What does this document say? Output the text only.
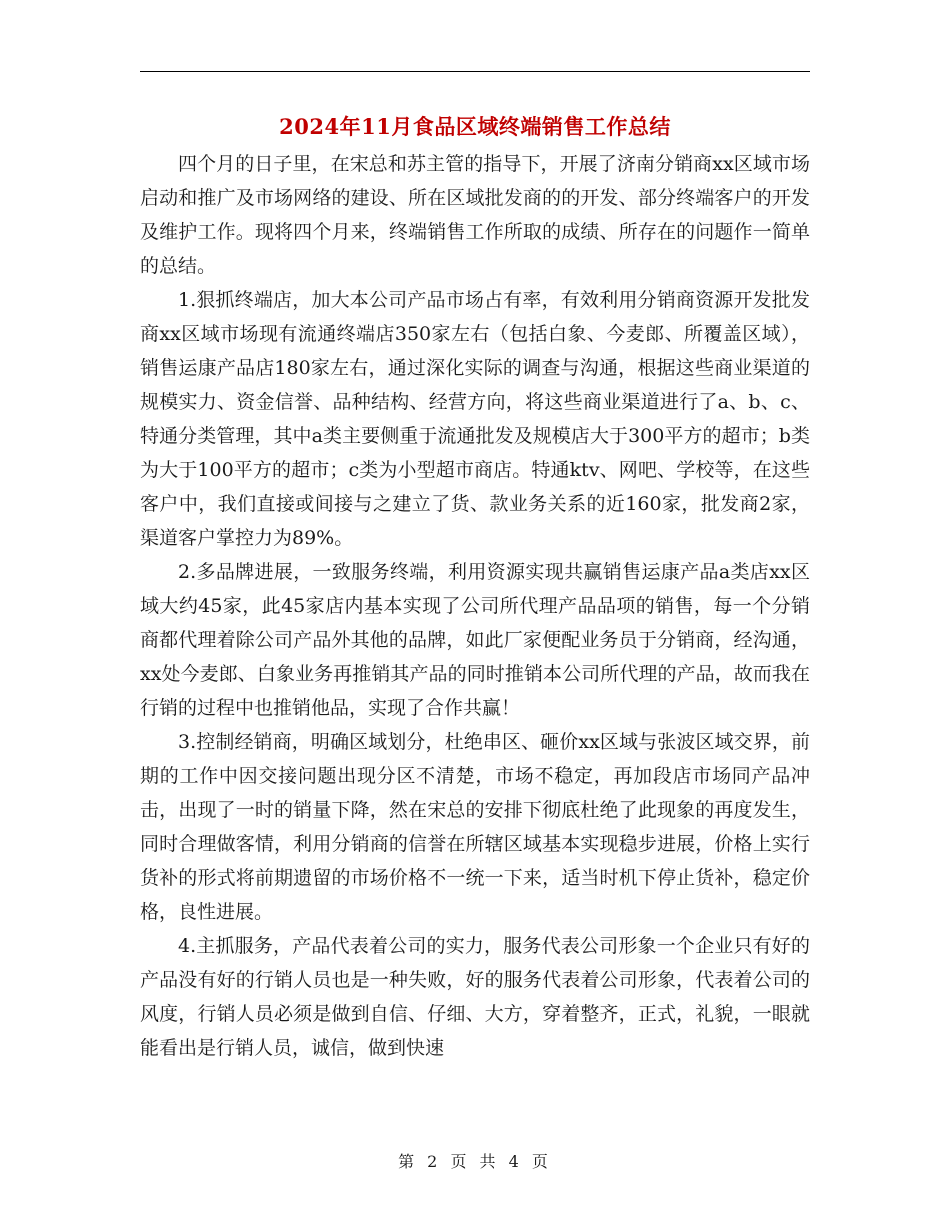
2024年11月食品区域终端销售工作总结

四个月的日子里，在宋总和苏主管的指导下，开展了济南分销商xx区域市场启动和推广及市场网络的建设、所在区域批发商的的开发、部分终端客户的开发及维护工作。现将四个月来，终端销售工作所取的成绩、所存在的问题作一简单的总结。

1.狠抓终端店，加大本公司产品市场占有率，有效利用分销商资源开发批发商xx区域市场现有流通终端店350家左右（包括白象、今麦郎、所覆盖区域），销售运康产品店180家左右，通过深化实际的调查与沟通，根据这些商业渠道的规模实力、资金信誉、品种结构、经营方向，将这些商业渠道进行了a、b、c、特通分类管理，其中a类主要侧重于流通批发及规模店大于300平方的超市；b类为大于100平方的超市；c类为小型超市商店。特通ktv、网吧、学校等，在这些客户中，我们直接或间接与之建立了货、款业务关系的近160家，批发商2家，渠道客户掌控力为89%。

2.多品牌进展，一致服务终端，利用资源实现共赢销售运康产品a类店xx区域大约45家，此45家店内基本实现了公司所代理产品品项的销售，每一个分销商都代理着除公司产品外其他的品牌，如此厂家便配业务员于分销商，经沟通，xx处今麦郎、白象业务再推销其产品的同时推销本公司所代理的产品，故而我在行销的过程中也推销他品，实现了合作共赢！

3.控制经销商，明确区域划分，杜绝串区、砸价xx区域与张波区域交界，前期的工作中因交接问题出现分区不清楚，市场不稳定，再加段店市场同产品冲击，出现了一时的销量下降，然在宋总的安排下彻底杜绝了此现象的再度发生，同时合理做客情，利用分销商的信誉在所辖区域基本实现稳步进展，价格上实行货补的形式将前期遗留的市场价格不一统一下来，适当时机下停止货补，稳定价格，良性进展。

4.主抓服务，产品代表着公司的实力，服务代表公司形象一个企业只有好的产品没有好的行销人员也是一种失败，好的服务代表着公司形象，代表着公司的风度，行销人员必须是做到自信、仔细、大方，穿着整齐，正式，礼貌，一眼就能看出是行销人员，诚信，做到快速

第 2 页 共 4 页
